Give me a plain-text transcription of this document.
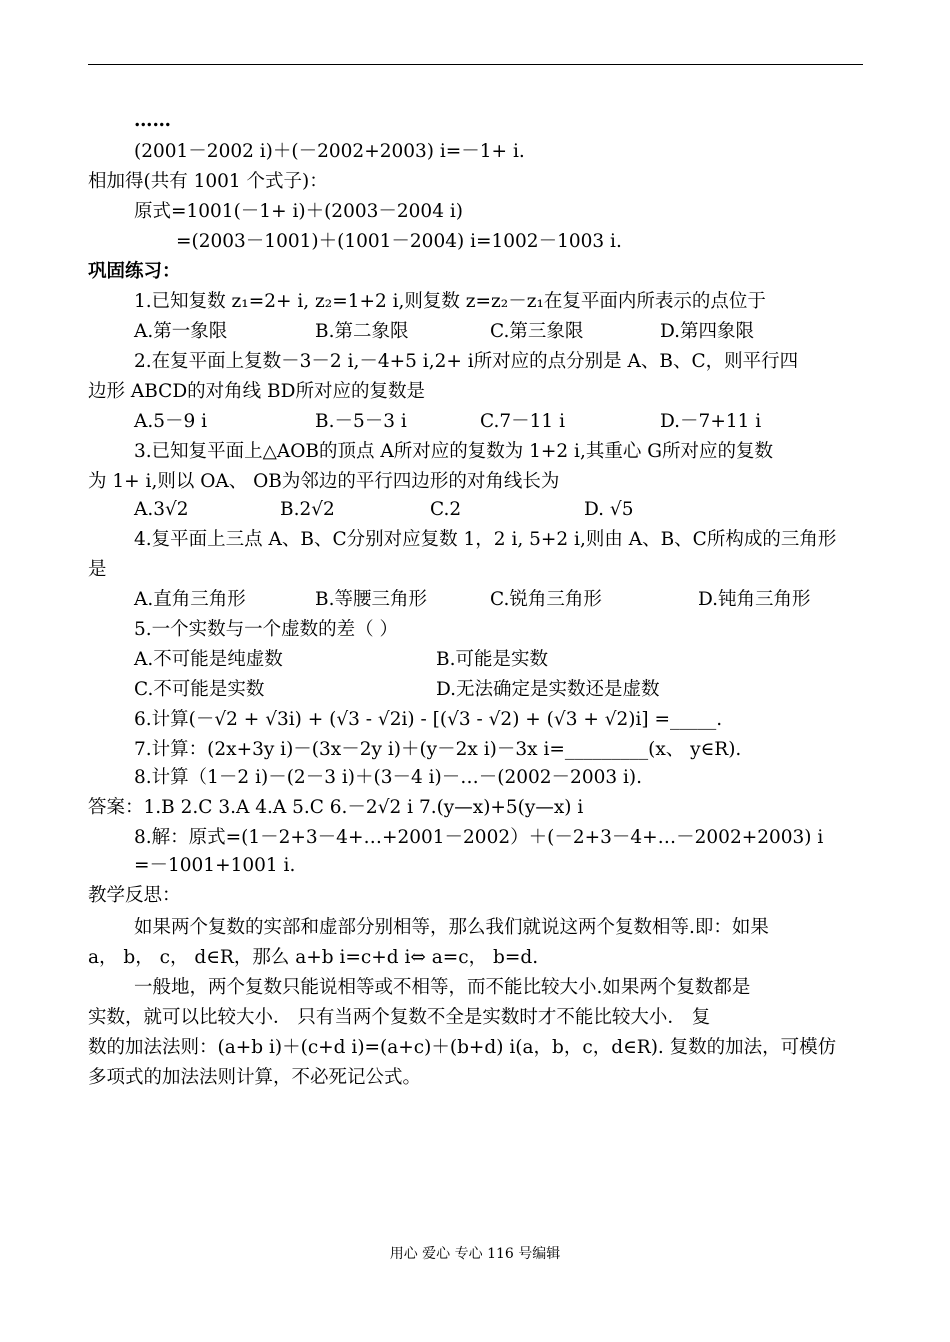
……
(2001－2002 i)＋(－2002+2003) i=－1+ i.
相加得(共有 1001 个式子)：
原式=1001(－1+ i)＋(2003－2004 i)
=(2003－1001)＋(1001－2004) i=1002－1003 i.
巩固练习：
1.已知复数 z₁=2+ i, z₂=1+2 i,则复数 z=z₂－z₁在复平面内所表示的点位于
2.在复平面上复数－3－2 i,－4+5 i,2+ i所对应的点分别是 A、B、C，则平行四
边形 ABCD的对角线 BD所对应的复数是
3.已知复平面上△AOB的顶点 A所对应的复数为 1+2 i,其重心 G所对应的复数
为 1+ i,则以 OA、 OB为邻边的平行四边形的对角线长为
4.复平面上三点 A、B、C分别对应复数 1，2 i, 5+2 i,则由 A、B、C所构成的三角形
是
5.一个实数与一个虚数的差（ ）
6.计算(－√2 + √3i) + (√3 - √2i) - [(√3 - √2) + (√3 + √2)i] =_____.
7.计算：(2x+3y i)－(3x－2y i)＋(y－2x i)－3x i=_________(x、 y∈R).
8.计算（1－2 i)－(2－3 i)＋(3－4 i)－…－(2002－2003 i).
答案：1.B 2.C 3.A 4.A 5.C 6.－2√2 i 7.(y—x)+5(y—x) i
8.解：原式=(1－2+3－4+…+2001－2002）＋(－2+3－4+…－2002+2003) i
=－1001+1001 i.
教学反思：
如果两个复数的实部和虚部分别相等，那么我们就说这两个复数相等.即：如果
a， b， c， d∈R，那么 a+b i=c+d i⇔ a=c， b=d.
一般地，两个复数只能说相等或不相等，而不能比较大小.如果两个复数都是
实数，就可以比较大小． 只有当两个复数不全是实数时才不能比较大小． 复
数的加法法则：(a+b i)＋(c+d i)=(a+c)＋(b+d) i(a，b，c，d∈R). 复数的加法，可模仿
多项式的加法法则计算，不必死记公式。
A.第一象限	B.第二象限	C.第三象限	D.第四象限
A.5－9 i	B.－5－3 i	C.7－11 i	D.－7+11 i
A.3√2	B.2√2	C.2	D. √5
A.直角三角形	B.等腰三角形	C.锐角三角形	D.钝角三角形
A.不可能是纯虚数	B.可能是实数
C.不可能是实数	D.无法确定是实数还是虚数
用心 爱心 专心 116 号编辑
